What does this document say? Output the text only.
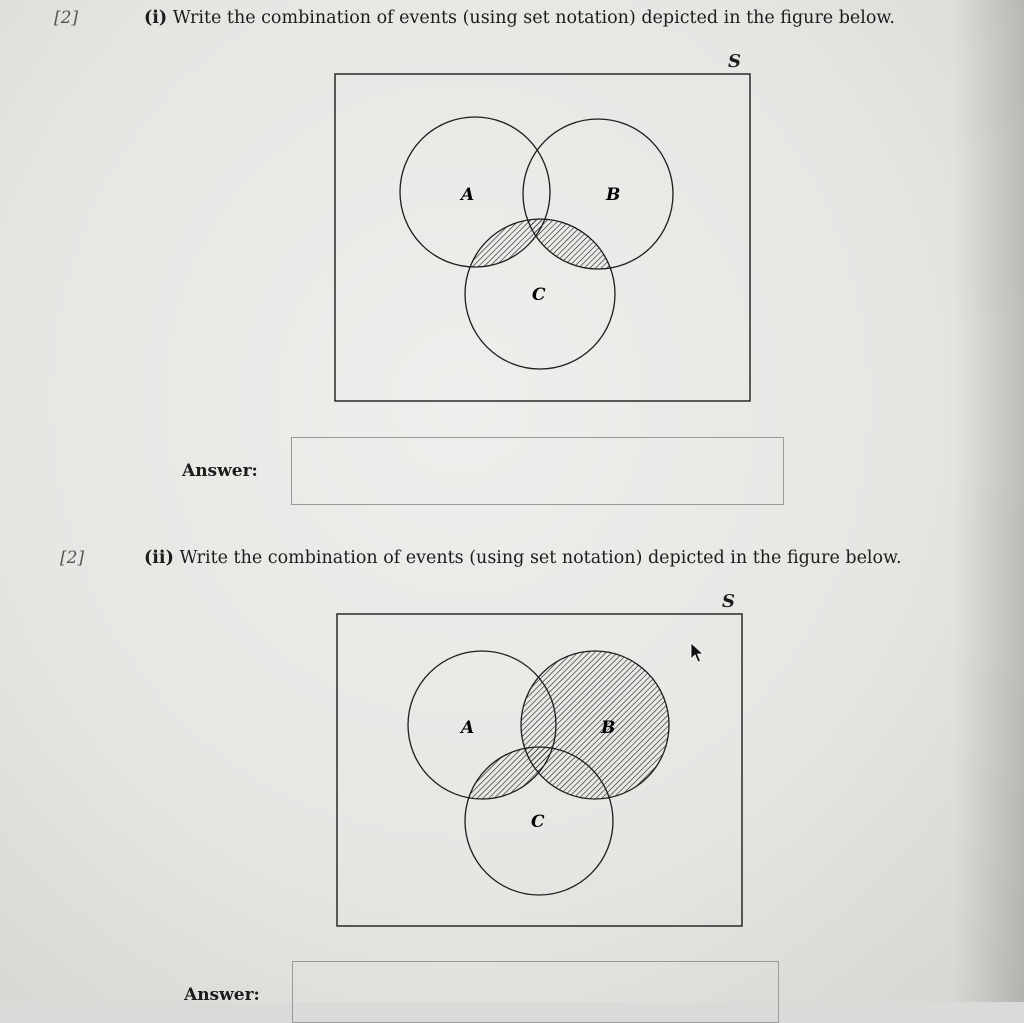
[2]	(i) Write the combination of events (using set notation) depicted in the figure below.
S
A	B
C
Answer:
[2]	(ii) Write the combination of events (using set notation) depicted in the figure below.
S
A	B
C
Answer:
